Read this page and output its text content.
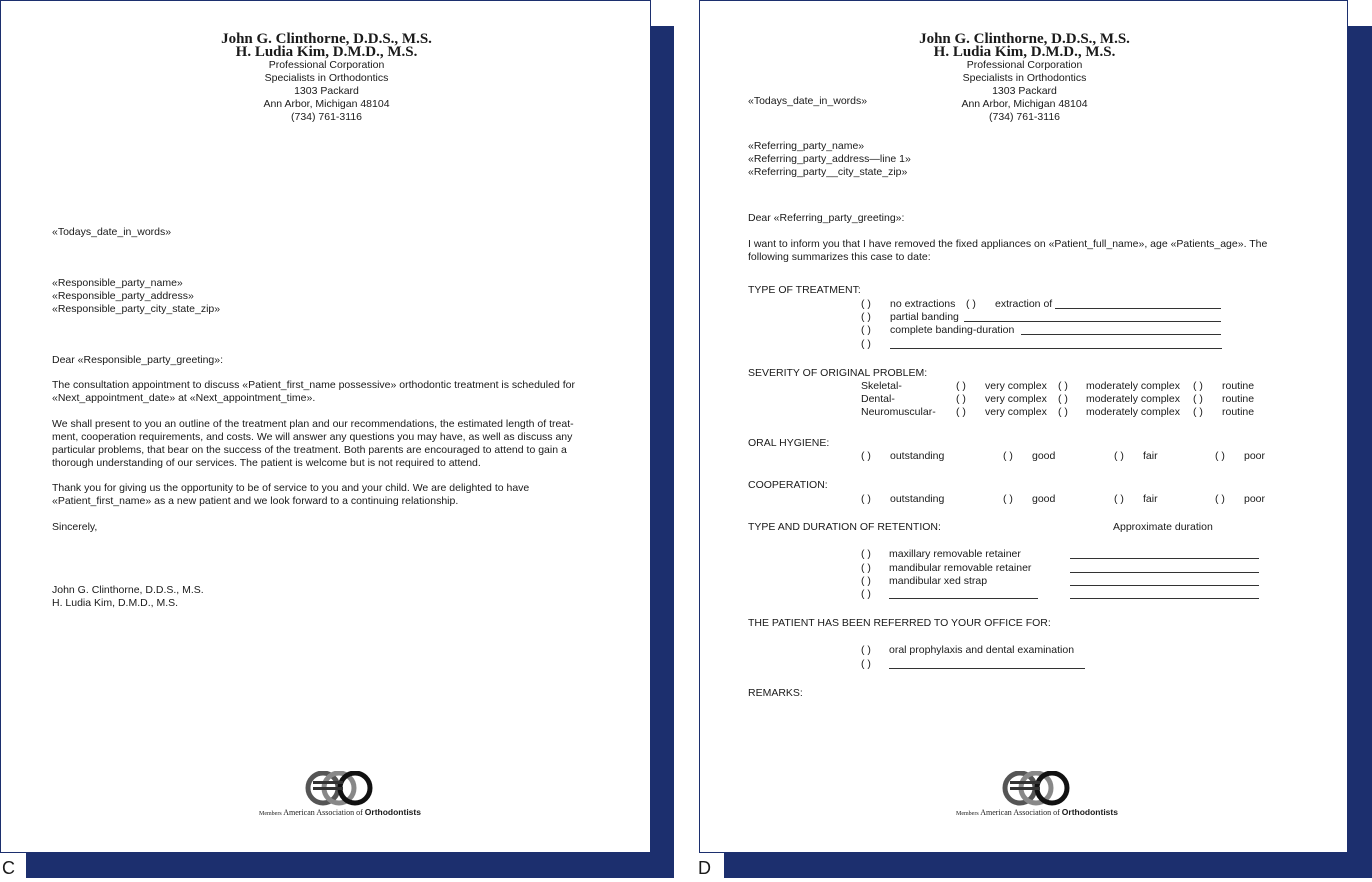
John G. Clinthorne, D.D.S., M.S.
H. Ludia Kim, D.M.D., M.S.
Professional Corporation
Specialists in Orthodontics
1303 Packard
Ann Arbor, Michigan 48104
(734) 761-3116
«Todays_date_in_words»
«Responsible_party_name»
«Responsible_party_address»
«Responsible_party_city_state_zip»
Dear «Responsible_party_greeting»:
The consultation appointment to discuss «Patient_first_name possessive» orthodontic treatment is scheduled for «Next_appointment_date» at «Next_appointment_time».
We shall present to you an outline of the treatment plan and our recommendations, the estimated length of treat-ment, cooperation requirements, and costs. We will answer any questions you may have, as well as discuss any particular problems, that bear on the success of the treatment. Both parents are encouraged to attend to gain a thorough understanding of our services. The patient is welcome but is not required to attend.
Thank you for giving us the opportunity to be of service to you and your child. We are delighted to have «Patient_first_name» as a new patient and we look forward to a continuing relationship.
Sincerely,
John G. Clinthorne, D.D.S., M.S.
H. Ludia Kim, D.M.D., M.S.
Members American Association of Orthodontists
C
John G. Clinthorne, D.D.S., M.S.
H. Ludia Kim, D.M.D., M.S.
Professional Corporation
Specialists in Orthodontics
1303 Packard
Ann Arbor, Michigan 48104
(734) 761-3116
«Todays_date_in_words»
«Referring_party_name»
«Referring_party_address—line 1»
«Referring_party__city_state_zip»
Dear «Referring_party_greeting»:
I want to inform you that I have removed the fixed appliances on «Patient_full_name», age «Patients_age». The following summarizes this case to date:
TYPE OF TREATMENT:
( ) no extractions ( ) extraction of
( ) partial banding
( ) complete banding-duration
( )
SEVERITY OF ORIGINAL PROBLEM:
Skeletal-	( ) very complex ( ) moderately complex ( ) routine
Dental-	( ) very complex ( ) moderately complex ( ) routine
Neuromuscular- ( ) very complex ( ) moderately complex ( ) routine
ORAL HYGIENE:
( ) outstanding	( ) good	( ) fair	( ) poor
COOPERATION:
( ) outstanding	( ) good	( ) fair	( ) poor
TYPE AND DURATION OF RETENTION:	Approximate duration
( ) maxillary removable retainer
( ) mandibular removable retainer
( ) mandibular xed strap
( )
THE PATIENT HAS BEEN REFERRED TO YOUR OFFICE FOR:
( ) oral prophylaxis and dental examination
( )
REMARKS:
Members American Association of Orthodontists
D
